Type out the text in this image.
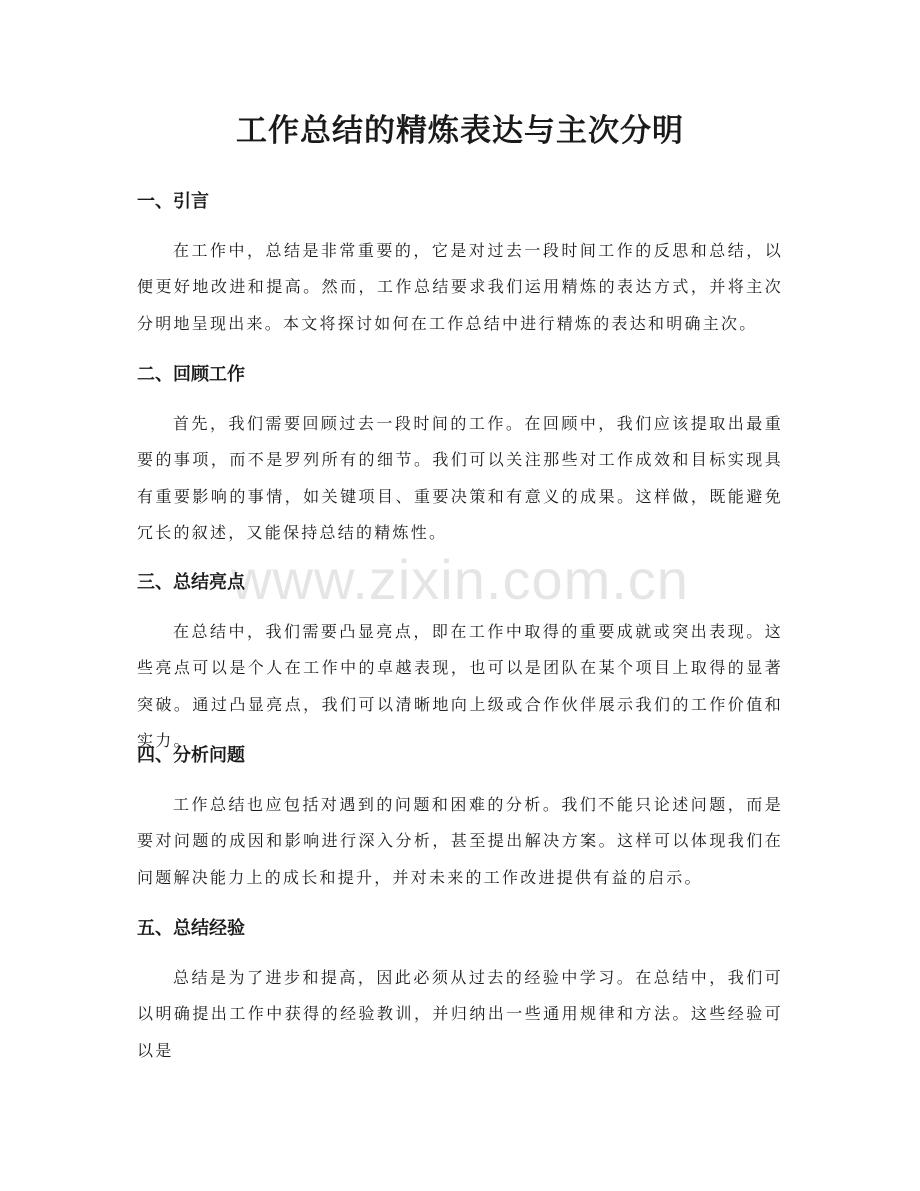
工作总结的精炼表达与主次分明
一、引言

在工作中，总结是非常重要的，它是对过去一段时间工作的反思和总结，以便更好地改进和提高。然而，工作总结要求我们运用精炼的表达方式，并将主次分明地呈现出来。本文将探讨如何在工作总结中进行精炼的表达和明确主次。

二、回顾工作

首先，我们需要回顾过去一段时间的工作。在回顾中，我们应该提取出最重要的事项，而不是罗列所有的细节。我们可以关注那些对工作成效和目标实现具有重要影响的事情，如关键项目、重要决策和有意义的成果。这样做，既能避免冗长的叙述，又能保持总结的精炼性。

三、总结亮点

在总结中，我们需要凸显亮点，即在工作中取得的重要成就或突出表现。这些亮点可以是个人在工作中的卓越表现，也可以是团队在某个项目上取得的显著突破。通过凸显亮点，我们可以清晰地向上级或合作伙伴展示我们的工作价值和实力。

四、分析问题

工作总结也应包括对遇到的问题和困难的分析。我们不能只论述问题，而是要对问题的成因和影响进行深入分析，甚至提出解决方案。这样可以体现我们在问题解决能力上的成长和提升，并对未来的工作改进提供有益的启示。

五、总结经验

总结是为了进步和提高，因此必须从过去的经验中学习。在总结中，我们可以明确提出工作中获得的经验教训，并归纳出一些通用规律和方法。这些经验可以是

www.zixin.com.cn
